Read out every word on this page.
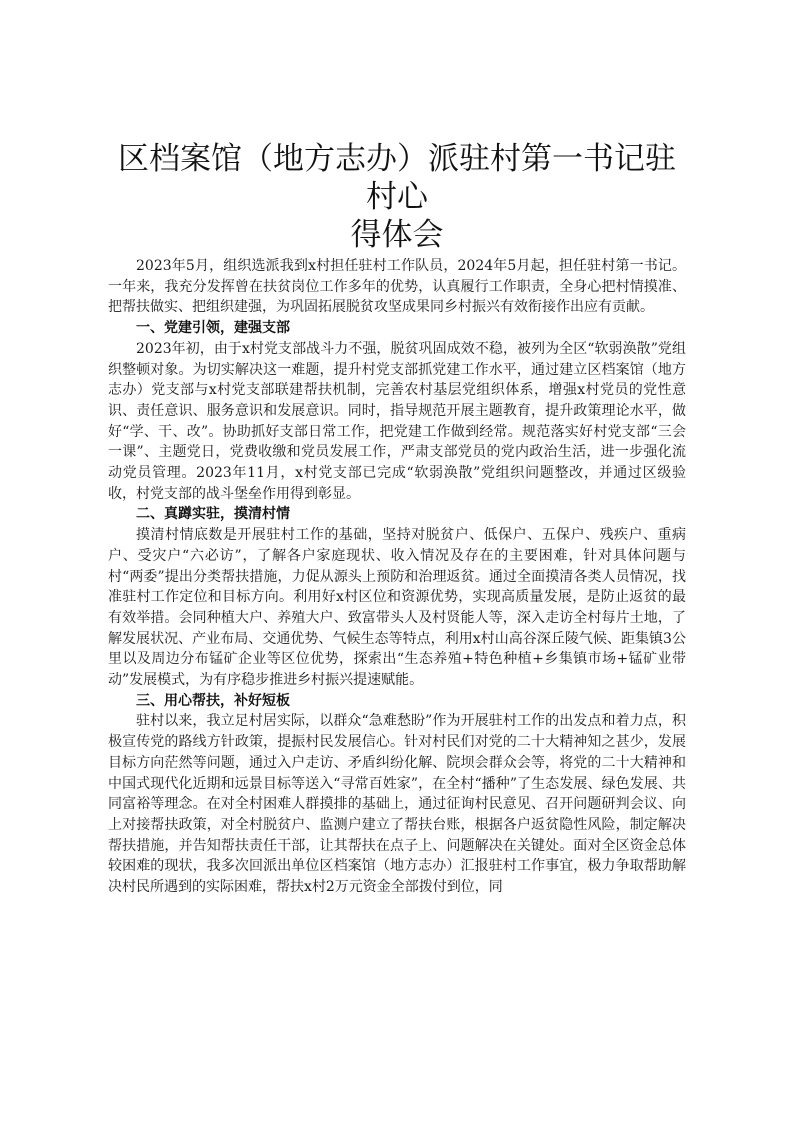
区档案馆（地方志办）派驻村第一书记驻村心
得体会

2023年5月，组织选派我到x村担任驻村工作队员，2024年5月起，担任驻村第一书记。一年来，我充分发挥曾在扶贫岗位工作多年的优势，认真履行工作职责，全身心把村情摸准、把帮扶做实、把组织建强，为巩固拓展脱贫攻坚成果同乡村振兴有效衔接作出应有贡献。

一、党建引领，建强支部

2023年初，由于x村党支部战斗力不强，脱贫巩固成效不稳，被列为全区“软弱涣散”党组织整顿对象。为切实解决这一难题，提升村党支部抓党建工作水平，通过建立区档案馆（地方志办）党支部与x村党支部联建帮扶机制，完善农村基层党组织体系，增强x村党员的党性意识、责任意识、服务意识和发展意识。同时，指导规范开展主题教育，提升政策理论水平，做好“学、干、改”。协助抓好支部日常工作，把党建工作做到经常。规范落实好村党支部“三会一课”、主题党日，党费收缴和党员发展工作，严肃支部党员的党内政治生活，进一步强化流动党员管理。2023年11月，x村党支部已完成“软弱涣散”党组织问题整改，并通过区级验收，村党支部的战斗堡垒作用得到彰显。

二、真蹲实驻，摸清村情

摸清村情底数是开展驻村工作的基础，坚持对脱贫户、低保户、五保户、残疾户、重病户、受灾户“六必访”，了解各户家庭现状、收入情况及存在的主要困难，针对具体问题与村“两委”提出分类帮扶措施，力促从源头上预防和治理返贫。通过全面摸清各类人员情况，找准驻村工作定位和目标方向。利用好x村区位和资源优势，实现高质量发展，是防止返贫的最有效举措。会同种植大户、养殖大户、致富带头人及村贤能人等，深入走访全村每片土地，了解发展状况、产业布局、交通优势、气候生态等特点，利用x村山高谷深丘陵气候、距集镇3公里以及周边分布锰矿企业等区位优势，探索出“生态养殖+特色种植+乡集镇市场+锰矿业带动”发展模式，为有序稳步推进乡村振兴提速赋能。

三、用心帮扶，补好短板

驻村以来，我立足村居实际，以群众“急难愁盼”作为开展驻村工作的出发点和着力点，积极宣传党的路线方针政策，提振村民发展信心。针对村民们对党的二十大精神知之甚少，发展目标方向茫然等问题，通过入户走访、矛盾纠纷化解、院坝会群众会等，将党的二十大精神和中国式现代化近期和远景目标等送入“寻常百姓家”，在全村“播种”了生态发展、绿色发展、共同富裕等理念。在对全村困难人群摸排的基础上，通过征询村民意见、召开问题研判会议、向上对接帮扶政策，对全村脱贫户、监测户建立了帮扶台账，根据各户返贫隐性风险，制定解决帮扶措施，并告知帮扶责任干部，让其帮扶在点子上、问题解决在关键处。面对全区资金总体较困难的现状，我多次回派出单位区档案馆（地方志办）汇报驻村工作事宜，极力争取帮助解决村民所遇到的实际困难，帮扶x村2万元资金全部拨付到位，同
